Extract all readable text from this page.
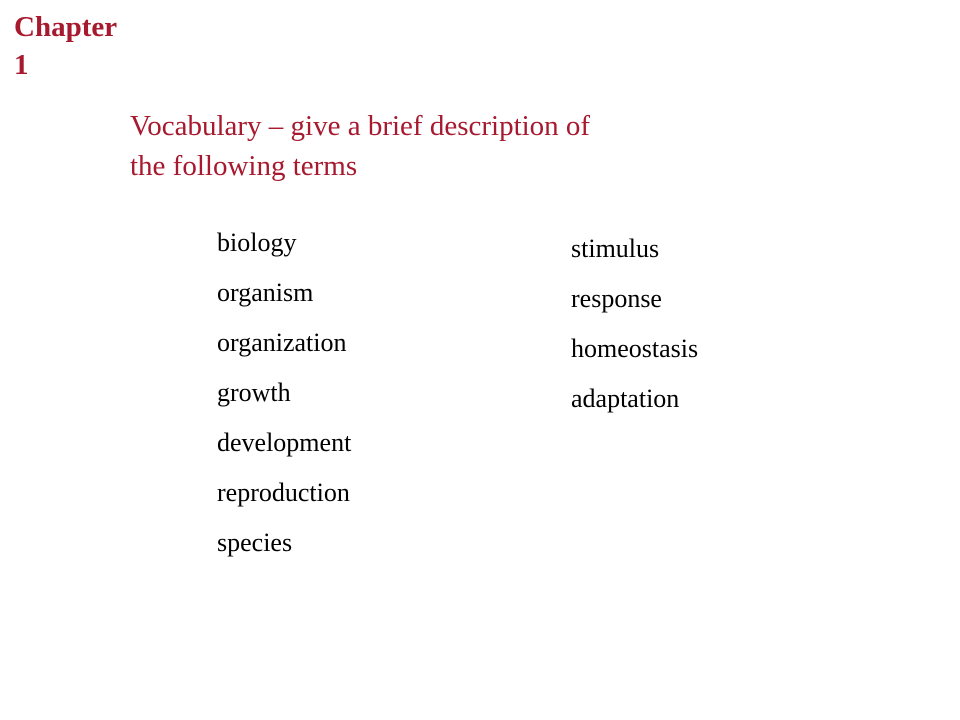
Chapter
1

Vocabulary – give a brief description of
the following terms

biology
organism
organization
growth
development
reproduction
species
stimulus
response
homeostasis
adaptation
